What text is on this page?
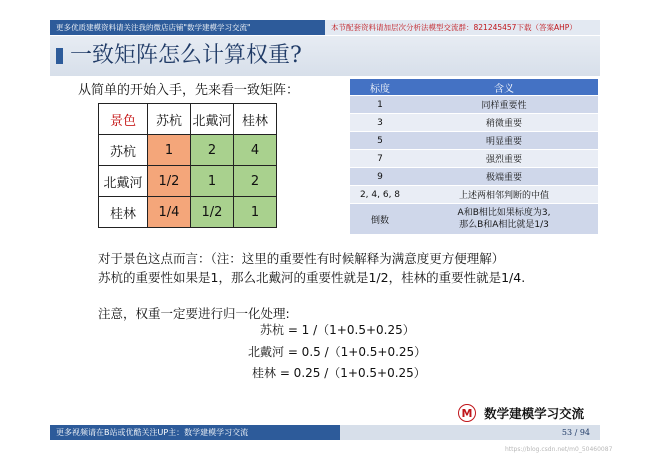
更多优质建模资料请关注我的微店店铺"数学建模学习交流"	本节配套资料请加层次分析法模型交流群：821245457下载（答案AHP）
一致矩阵怎么计算权重?
从简单的开始入手，先来看一致矩阵：
景色	苏杭	北戴河	桂林
苏杭	1	2	4
北戴河	1/2	1	2
桂林	1/4	1/2	1
标度	含义
1	同样重要性
3	稍微重要
5	明显重要
7	强烈重要
9	极端重要
2, 4, 6, 8	上述两相邻判断的中值
倒数	A和B相比如果标度为3,
那么B和A相比就是1/3
对于景色这点而言：（注：这里的重要性有时候解释为满意度更方便理解）
苏杭的重要性如果是1，那么北戴河的重要性就是1/2，桂林的重要性就是1/4.
注意，权重一定要进行归一化处理:
苏杭 = 1 /（1+0.5+0.25）
北戴河 = 0.5 /（1+0.5+0.25）
桂林 = 0.25 /（1+0.5+0.25）
M 数学建模学习交流
更多视频请在B站或优酷关注UP主：数学建模学习交流	53 / 94
https://blog.csdn.net/m0_50460087
